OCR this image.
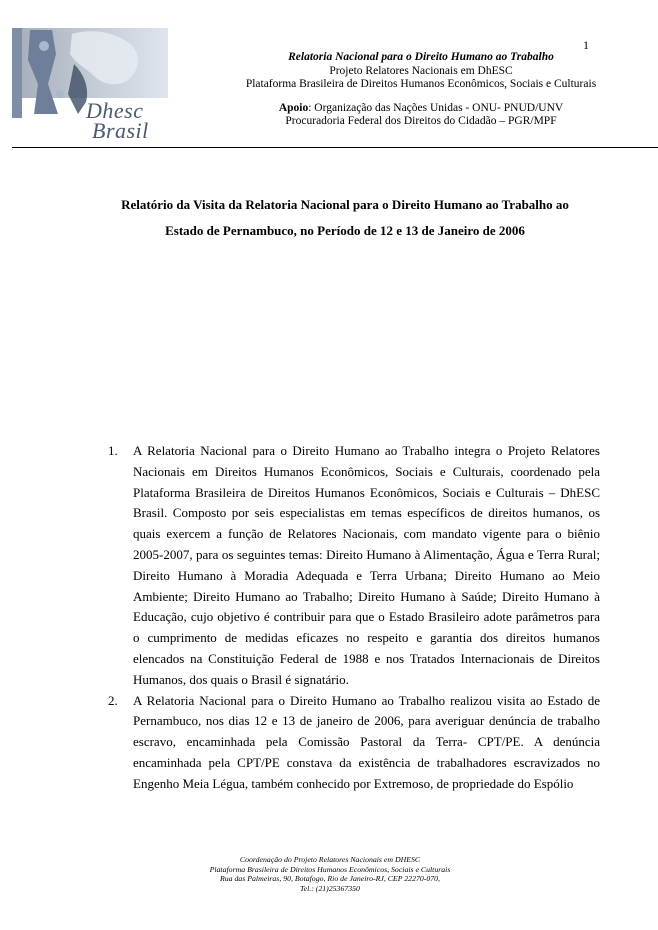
1
Dhesc
Brasil
Relatoria Nacional para o Direito Humano ao Trabalho
Projeto Relatores Nacionais em DhESC
Plataforma Brasileira de Direitos Humanos Econômicos, Sociais e Culturais
Apoio: Organização das Nações Unidas - ONU- PNUD/UNV
Procuradoria Federal dos Direitos do Cidadão – PGR/MPF
Relatório da Visita da Relatoria Nacional para o Direito Humano ao Trabalho ao
Estado de Pernambuco, no Período de 12 e 13 de Janeiro de 2006
1. A Relatoria Nacional para o Direito Humano ao Trabalho integra o Projeto Relatores Nacionais em Direitos Humanos Econômicos, Sociais e Culturais, coordenado pela Plataforma Brasileira de Direitos Humanos Econômicos, Sociais e Culturais – DhESC Brasil. Composto por seis especialistas em temas específicos de direitos humanos, os quais exercem a função de Relatores Nacionais, com mandato vigente para o biênio 2005-2007, para os seguintes temas: Direito Humano à Alimentação, Água e Terra Rural; Direito Humano à Moradia Adequada e Terra Urbana; Direito Humano ao Meio Ambiente; Direito Humano ao Trabalho; Direito Humano à Saúde; Direito Humano à Educação, cujo objetivo é contribuir para que o Estado Brasileiro adote parâmetros para o cumprimento de medidas eficazes no respeito e garantia dos direitos humanos elencados na Constituição Federal de 1988 e nos Tratados Internacionais de Direitos Humanos, dos quais o Brasil é signatário.
2. A Relatoria Nacional para o Direito Humano ao Trabalho realizou visita ao Estado de Pernambuco, nos dias 12 e 13 de janeiro de 2006, para averiguar denúncia de trabalho escravo, encaminhada pela Comissão Pastoral da Terra- CPT/PE. A denúncia encaminhada pela CPT/PE constava da existência de trabalhadores escravizados no Engenho Meia Légua, também conhecido por Extremoso, de propriedade do Espólio
Coordenação do Projeto Relatores Nacionais em DHESC
Plataforma Brasileira de Direitos Humanos Econômicos, Sociais e Culturais
Rua das Palmeiras, 90, Botafogo, Rio de Janeiro-RJ, CEP 22270-070,
Tel.: (21)25367350
